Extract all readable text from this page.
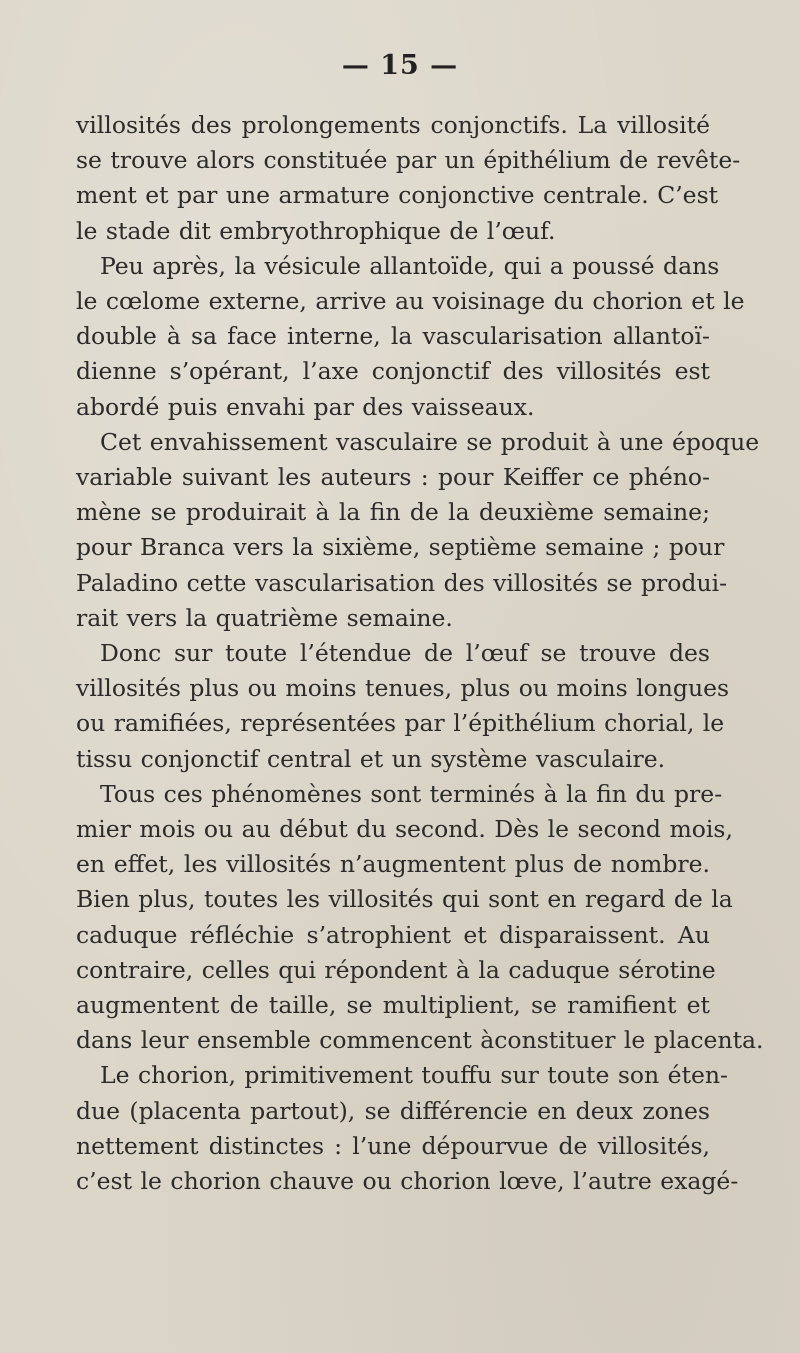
— 15 —

villosités des prolongements conjonctifs. La villosité
se trouve alors constituée par un épithélium de revête-
ment et par une armature conjonctive centrale. C’est
le stade dit embryothrophique de l’œuf.

Peu après, la vésicule allantoïde, qui a poussé dans
le cœlome externe, arrive au voisinage du chorion et le
double à sa face interne, la vascularisation allantoï-
dienne s’opérant, l’axe conjonctif des villosités est
abordé puis envahi par des vaisseaux.

Cet envahissement vasculaire se produit à une époque
variable suivant les auteurs : pour Keiffer ce phéno-
mène se produirait à la fin de la deuxième semaine;
pour Branca vers la sixième, septième semaine ; pour
Paladino cette vascularisation des villosités se produi-
rait vers la quatrième semaine.

Donc sur toute l’étendue de l’œuf se trouve des
villosités plus ou moins tenues, plus ou moins longues
ou ramifiées, représentées par l’épithélium chorial, le
tissu conjonctif central et un système vasculaire.

Tous ces phénomènes sont terminés à la fin du pre-
mier mois ou au début du second. Dès le second mois,
en effet, les villosités n’augmentent plus de nombre.
Bien plus, toutes les villosités qui sont en regard de la
caduque réfléchie s’atrophient et disparaissent. Au
contraire, celles qui répondent à la caduque sérotine
augmentent de taille, se multiplient, se ramifient et
dans leur ensemble commencent àconstituer le placenta.

Le chorion, primitivement touffu sur toute son éten-
due (placenta partout), se différencie en deux zones
nettement distinctes : l’une dépourvue de villosités,
c’est le chorion chauve ou chorion lœve, l’autre exagé-
